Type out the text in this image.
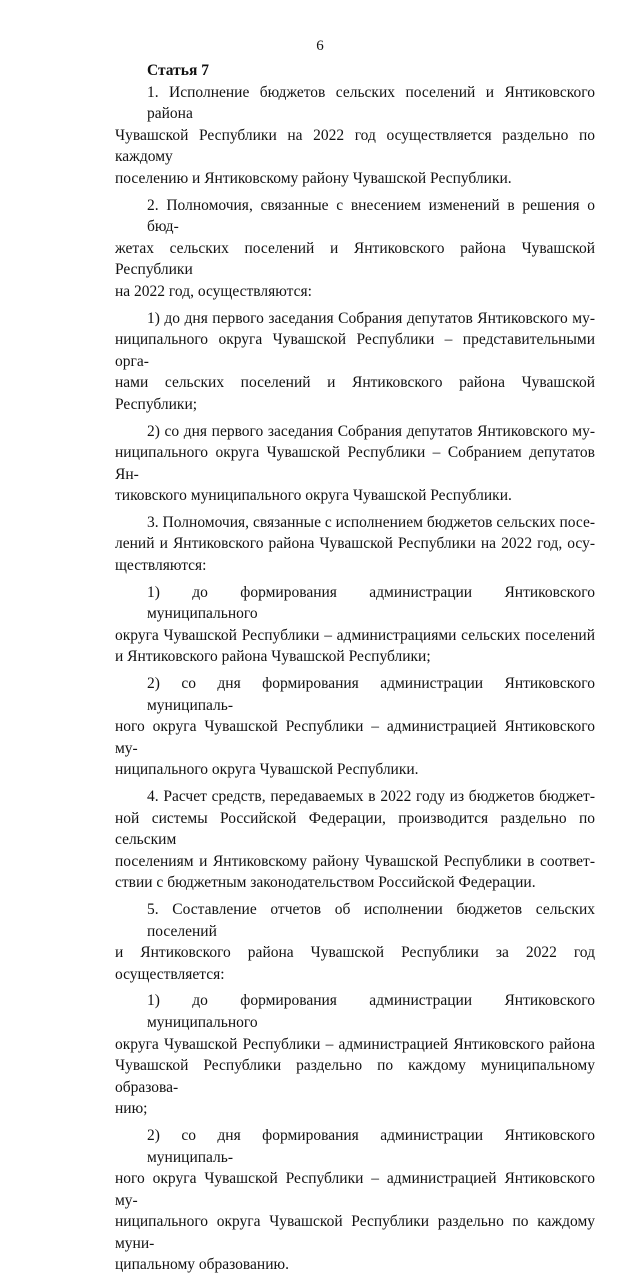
6

Статья 7

1. Исполнение бюджетов сельских поселений и Янтиковского района
Чувашской Республики на 2022 год осуществляется раздельно по каждому
поселению и Янтиковскому району Чувашской Республики.

2. Полномочия, связанные с внесением изменений в решения о бюд-
жетах сельских поселений и Янтиковского района Чувашской Республики
на 2022 год, осуществляются:

1) до дня первого заседания Собрания депутатов Янтиковского му-
ниципального округа Чувашской Республики – представительными орга-
нами сельских поселений и Янтиковского района Чувашской Республики;

2) со дня первого заседания Собрания депутатов Янтиковского му-
ниципального округа Чувашской Республики – Собранием депутатов Ян-
тиковского муниципального округа Чувашской Республики.

3. Полномочия, связанные с исполнением бюджетов сельских посе-
лений и Янтиковского района Чувашской Республики на 2022 год, осу-
ществляются:

1) до формирования администрации Янтиковского муниципального
округа Чувашской Республики – администрациями сельских поселений
и Янтиковского района Чувашской Республики;

2) со дня формирования администрации Янтиковского муниципаль-
ного округа Чувашской Республики – администрацией Янтиковского му-
ниципального округа Чувашской Республики.

4. Расчет средств, передаваемых в 2022 году из бюджетов бюджет-
ной системы Российской Федерации, производится раздельно по сельским
поселениям и Янтиковскому району Чувашской Республики в соответ-
ствии с бюджетным законодательством Российской Федерации.

5. Составление отчетов об исполнении бюджетов сельских поселений
и Янтиковского района Чувашской Республики за 2022 год осуществляется:

1) до формирования администрации Янтиковского муниципального
округа Чувашской Республики – администрацией Янтиковского района
Чувашской Республики раздельно по каждому муниципальному образова-
нию;

2) со дня формирования администрации Янтиковского муниципаль-
ного округа Чувашской Республики – администрацией Янтиковского му-
ниципального округа Чувашской Республики раздельно по каждому муни-
ципальному образованию.
